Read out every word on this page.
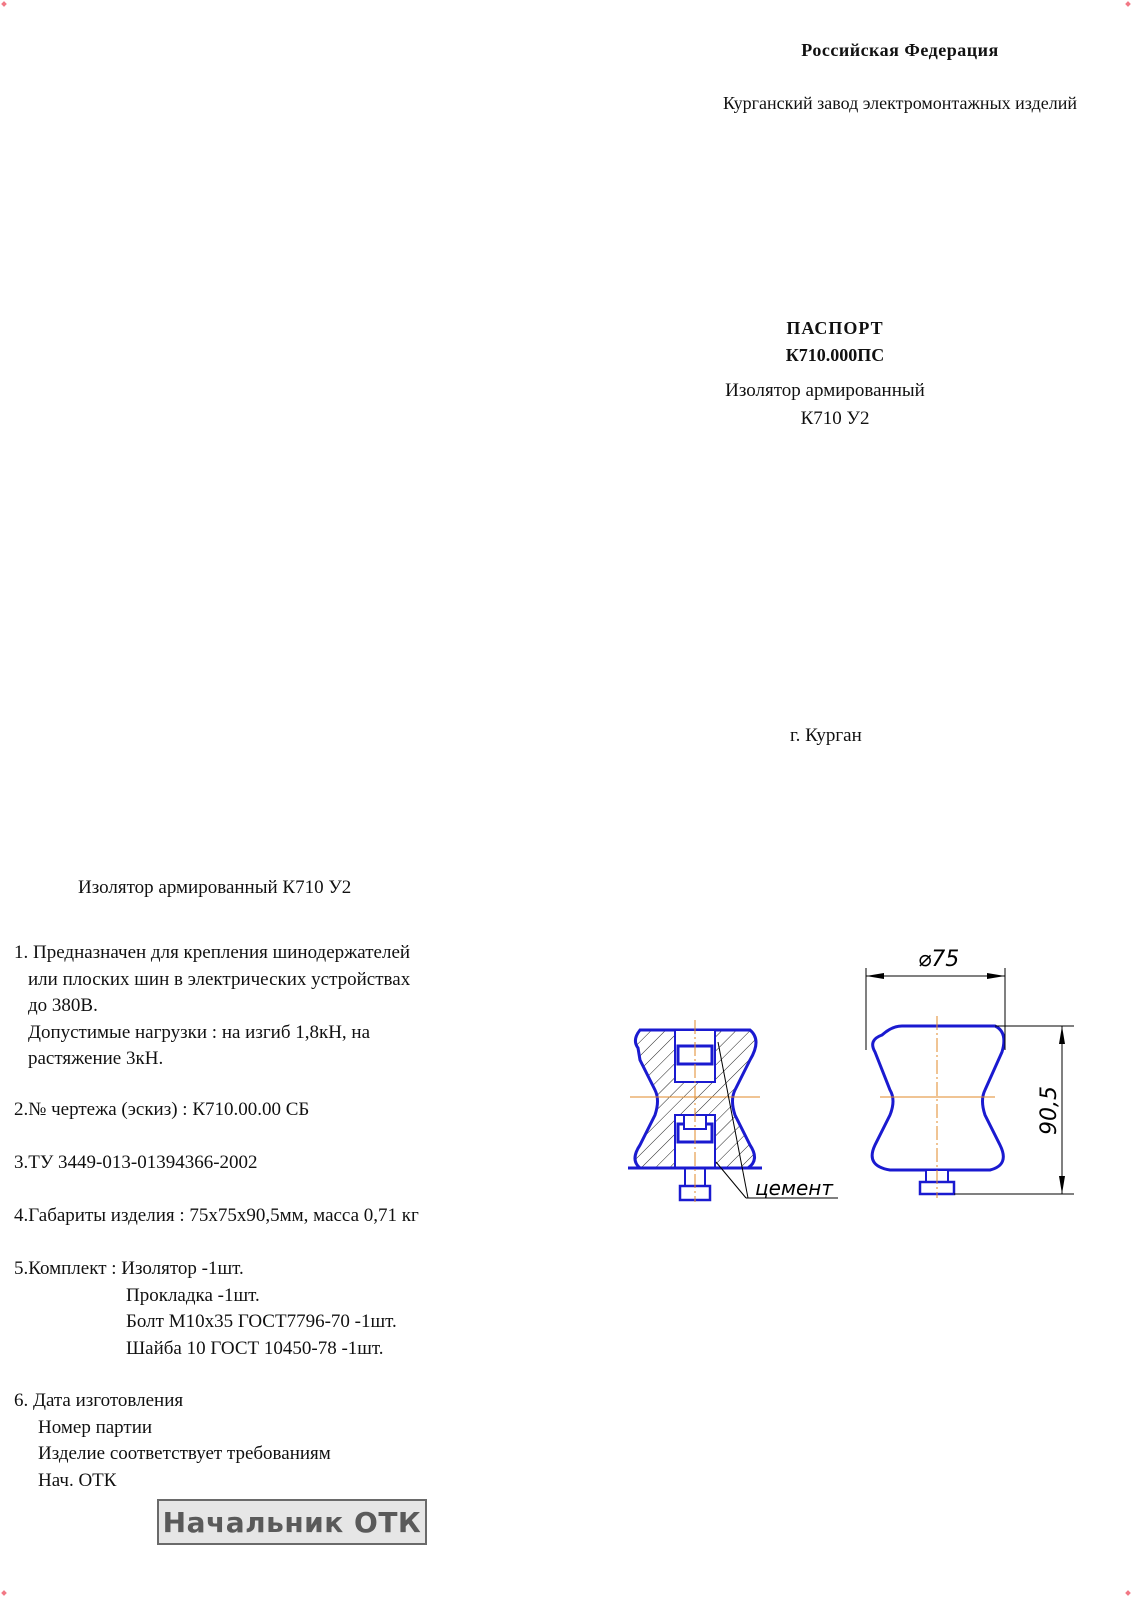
Российская Федерация
Курганский завод электромонтажных изделий
ПАСПОРТ
К710.000ПС
Изолятор армированный
К710 У2
г. Курган
Изолятор армированный К710 У2
1. Предназначен для крепления шинодержателей
или плоских шин в электрических устройствах
до 380В.
Допустимые нагрузки : на изгиб 1,8кН, на
растяжение 3кН.
2.№ чертежа (эскиз) : К710.00.00 СБ
3.ТУ 3449-013-01394366-2002
4.Габариты изделия : 75х75х90,5мм, масса 0,71 кг
5.Комплект : Изолятор -1шт.
Прокладка -1шт.
Болт М10х35 ГОСТ7796-70 -1шт.
Шайба 10 ГОСТ 10450-78 -1шт.
6. Дата изготовления
Номер партии
Изделие соответствует требованиям
Нач. ОТК
Начальник ОТК
цемент
⌀75
90,5
